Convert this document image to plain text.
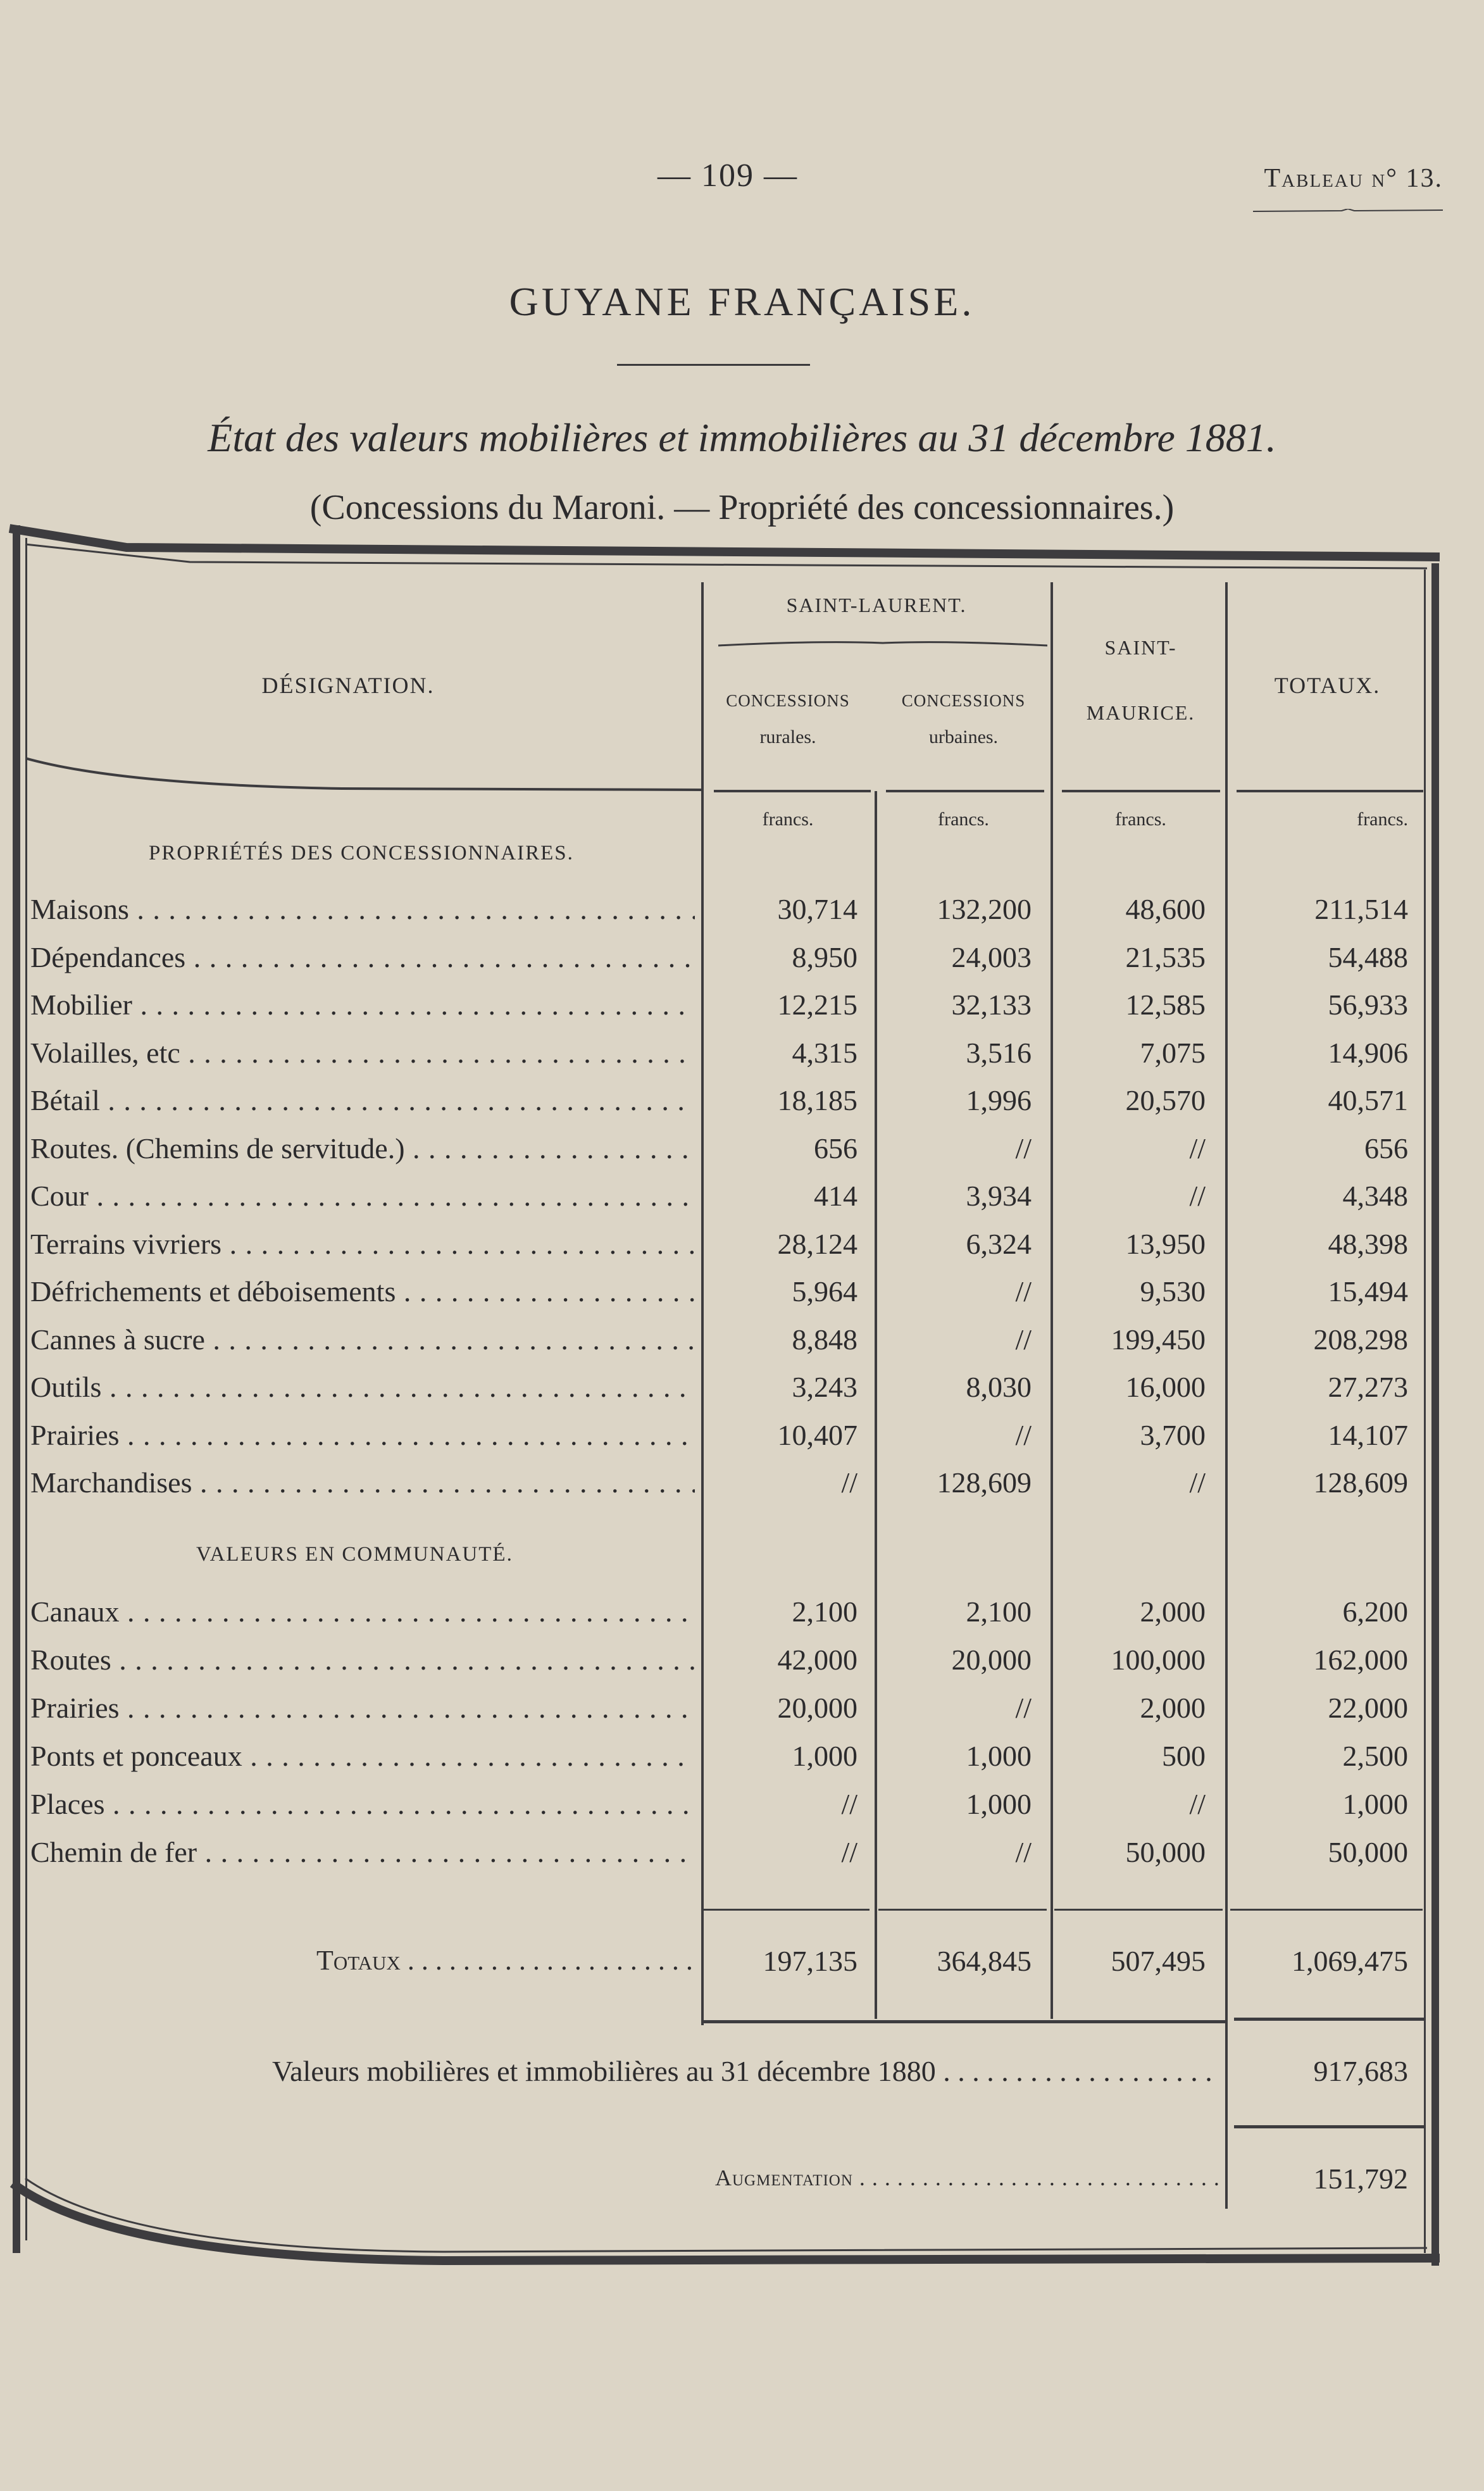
— 109 —	Tableau n° 13.
GUYANE FRANÇAISE.
État des valeurs mobilières et immobilières au 31 décembre 1881.
(Concessions du Maroni. — Propriété des concessionnaires.)
SAINT-LAURENT.
DÉSIGNATION.
CONCESSIONS
rurales.
CONCESSIONS
urbaines.
SAINT-
MAURICE.
TOTAUX.
francs.	francs.	francs.	francs.
PROPRIÉTÉS DES CONCESSIONNAIRES.
Maisons . . .	30,714	132,200	48,600	211,514
Dépendances . . .	8,950	24,003	21,535	54,488
Mobilier . . .	12,215	32,133	12,585	56,933
Volailles, etc . . .	4,315	3,516	7,075	14,906
Bétail . . .	18,185	1,996	20,570	40,571
Routes. (Chemins de servitude.) . . .	656	//	//	656
Cour . . .	414	3,934	//	4,348
Terrains vivriers . . .	28,124	6,324	13,950	48,398
Défrichements et déboisements . . .	5,964	//	9,530	15,494
Cannes à sucre . . .	8,848	//	199,450	208,298
Outils . . .	3,243	8,030	16,000	27,273
Prairies . . .	10,407	//	3,700	14,107
Marchandises . . .	//	128,609	//	128,609
VALEURS EN COMMUNAUTÉ.
Canaux . . .	2,100	2,100	2,000	6,200
Routes . . .	42,000	20,000	100,000	162,000
Prairies . . .	20,000	//	2,000	22,000
Ponts et ponceaux . . .	1,000	1,000	500	2,500
Places . . .	//	1,000	//	1,000
Chemin de fer . . .	//	//	50,000	50,000
Totaux . . .	197,135	364,845	507,495	1,069,475
Valeurs mobilières et immobilières au 31 décembre 1880 . . .	917,683
Augmentation . . .	151,792
